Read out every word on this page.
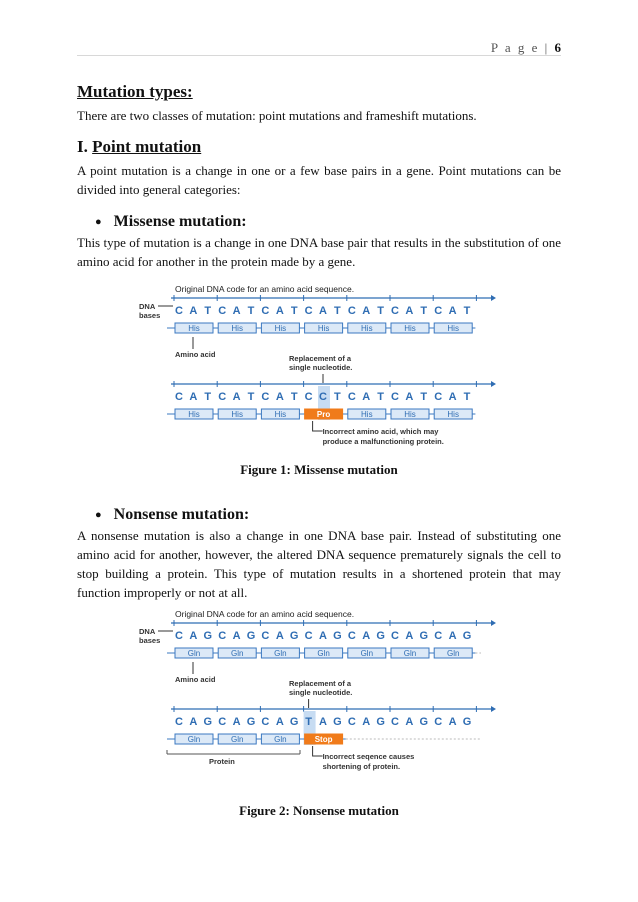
P a g e | 6
Mutation types:

There are two classes of mutation: point mutations and frameshift mutations.

I. Point mutation

A point mutation is a change in one or a few base pairs in a gene. Point mutations can be divided into general categories:

● Missense mutation:

This type of mutation is a change in one DNA base pair that results in the substitution of one amino acid for another in the protein made by a gene.

Original DNA code for an amino acid sequence.
DNA
bases C A T C A T C A T C A T C A T C A T C A T
His	His	His	His	His	His	His
Amino acid	Replacement of a
single nucleotide.
C A T C A T C A T C C T C A T C A T C A T
His	His	His	Pro	His	His	His
Incorrect amino acid, which may
produce a malfunctioning protein.
Figure 1: Missense mutation
● Nonsense mutation:

A nonsense mutation is also a change in one DNA base pair. Instead of substituting one amino acid for another, however, the altered DNA sequence prematurely signals the cell to stop building a protein. This type of mutation results in a shortened protein that may function improperly or not at all.

Original DNA code for an amino acid sequence.
DNA
bases C A G C A G C A G C A G C A G C A G C A G
Gln	Gln	Gln	Gln	Gln	Gln	Gln
Amino acid	Replacement of a
single nucleotide.
C A G C A G C A G T A G C A G C A G C A G
Gln	Gln	Gln	Stop
Protein
Incorrect seqence causes
shortening of protein.
Figure 2: Nonsense mutation
